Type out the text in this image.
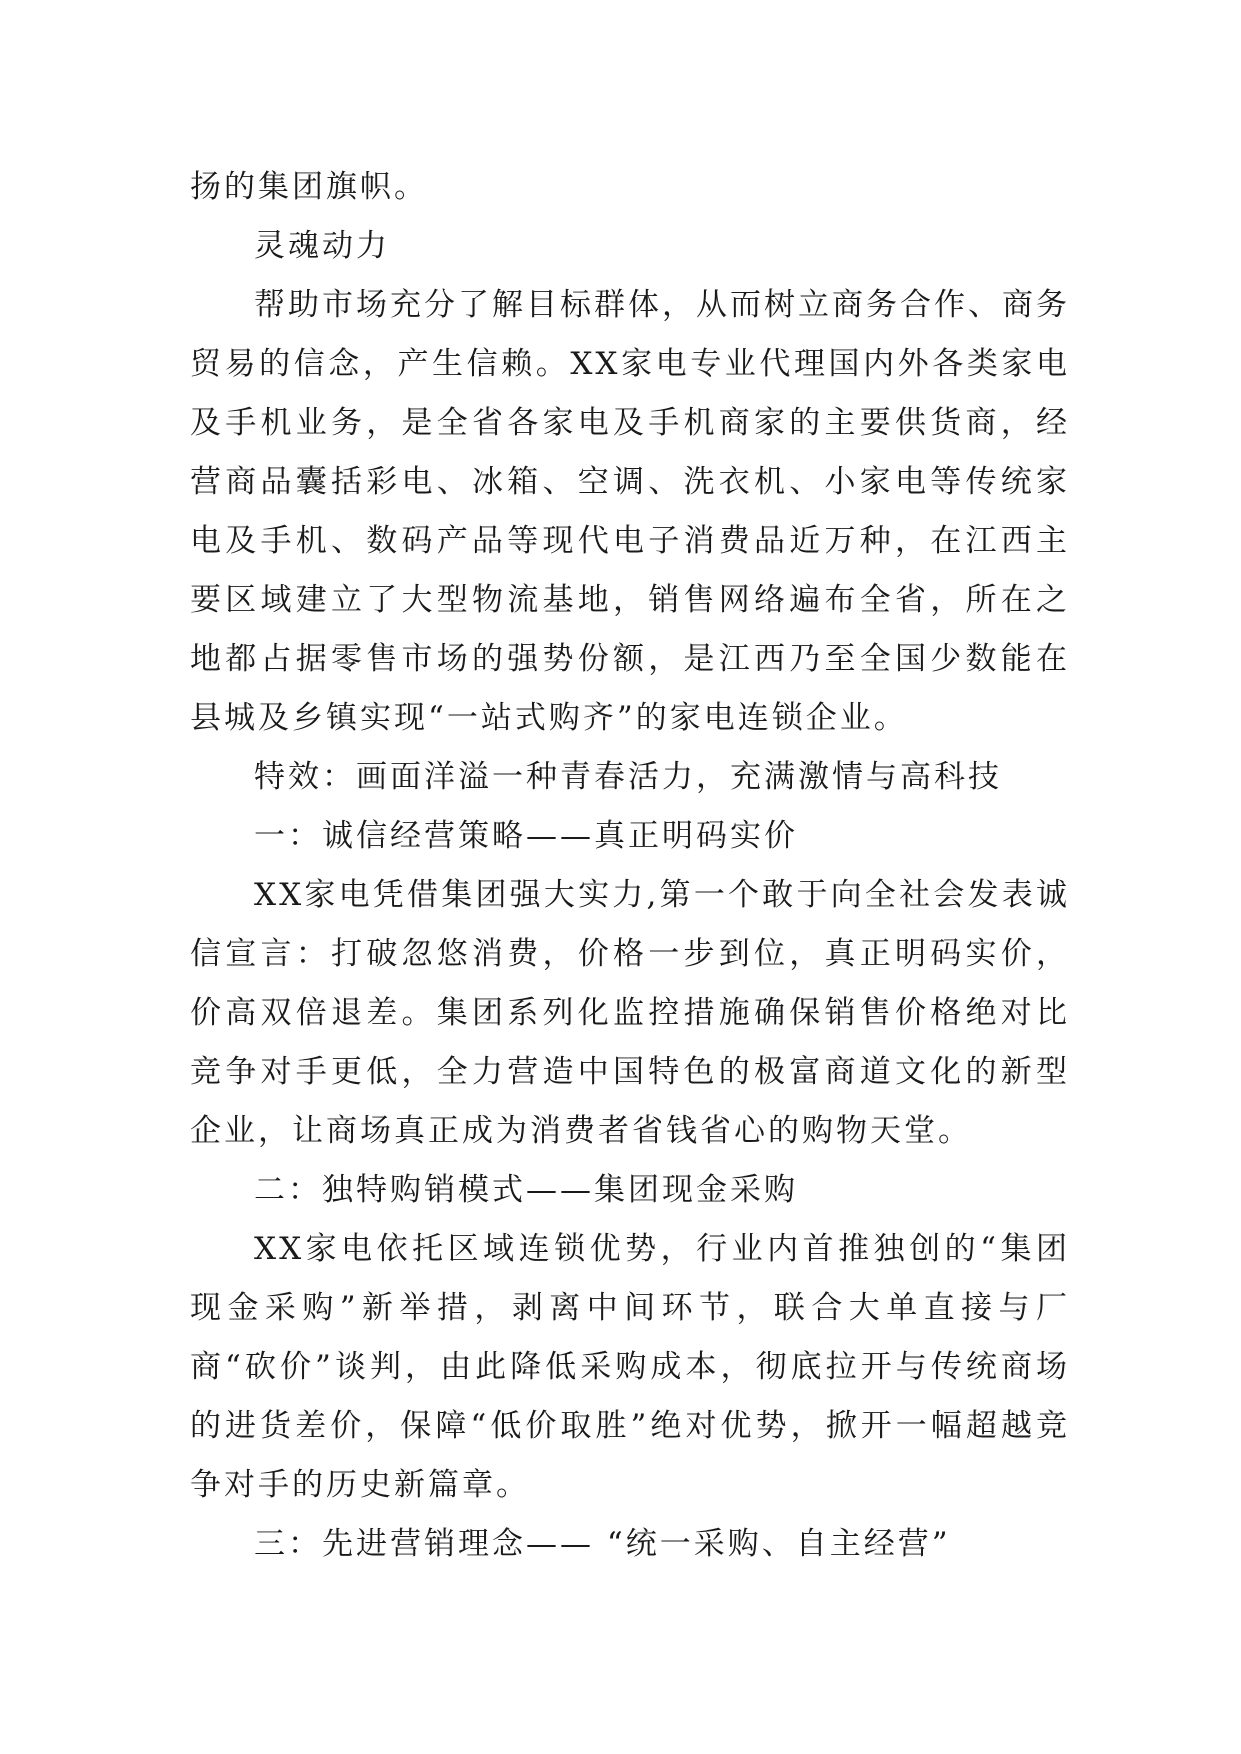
扬的集团旗帜。

灵魂动力

帮助市场充分了解目标群体，从而树立商务合作、商务贸易的信念，产生信赖。XX家电专业代理国内外各类家电及手机业务，是全省各家电及手机商家的主要供货商，经营商品囊括彩电、冰箱、空调、洗衣机、小家电等传统家电及手机、数码产品等现代电子消费品近万种，在江西主要区域建立了大型物流基地，销售网络遍布全省，所在之地都占据零售市场的强势份额，是江西乃至全国少数能在县城及乡镇实现“一站式购齐”的家电连锁企业。

特效：画面洋溢一种青春活力，充满激情与高科技

一：诚信经营策略——真正明码实价

XX家电凭借集团强大实力,第一个敢于向全社会发表诚信宣言：打破忽悠消费，价格一步到位，真正明码实价，价高双倍退差。集团系列化监控措施确保销售价格绝对比竞争对手更低，全力营造中国特色的极富商道文化的新型企业，让商场真正成为消费者省钱省心的购物天堂。

二：独特购销模式——集团现金采购

XX家电依托区域连锁优势，行业内首推独创的“集团现金采购”新举措，剥离中间环节，联合大单直接与厂商“砍价”谈判，由此降低采购成本，彻底拉开与传统商场的进货差价，保障“低价取胜”绝对优势，掀开一幅超越竞争对手的历史新篇章。

三：先进营销理念—— “统一采购、自主经营”
